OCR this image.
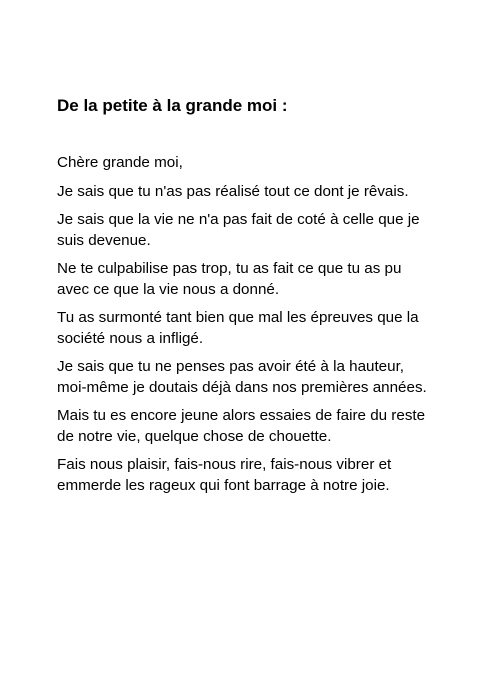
De la petite à la grande moi :

Chère grande moi,

Je sais que tu n'as pas réalisé tout ce dont je rêvais.

Je sais que la vie ne n'a pas fait de coté à celle que je suis devenue.

Ne te culpabilise pas trop, tu as fait ce que tu as pu avec ce que la vie nous a donné.

Tu as surmonté tant bien que mal les épreuves que la société nous a infligé.

Je sais que tu ne penses pas avoir été à la hauteur, moi-même je doutais déjà dans nos premières années.

Mais tu es encore jeune alors essaies de faire du reste de notre vie, quelque chose de chouette.

Fais nous plaisir, fais-nous rire, fais-nous vibrer et emmerde les rageux qui font barrage à notre joie.
